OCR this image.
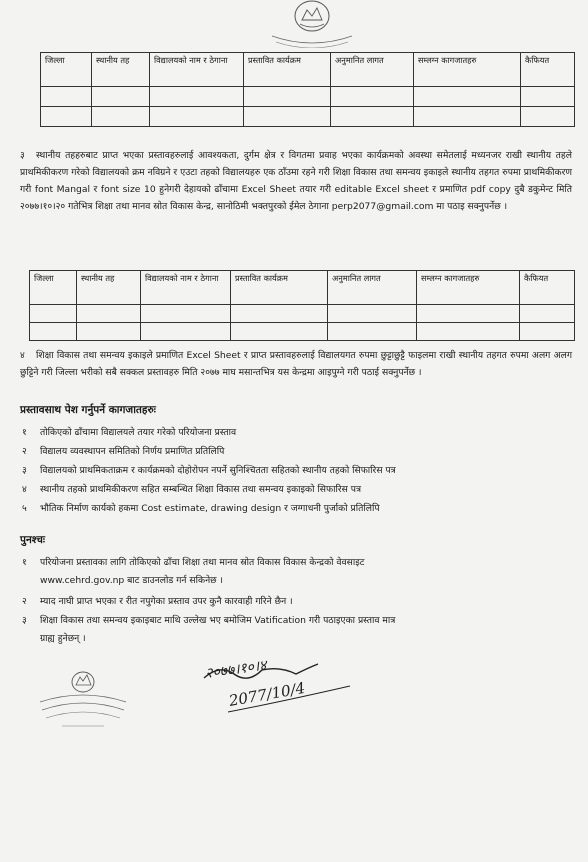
जिल्ला	स्थानीय तह	विद्यालयको नाम र ठेगाना	प्रस्तावित कार्यक्रम	अनुमानित लागत	सम्लग्न कागजातहरु	कैफियत

३ स्थानीय तहहरुबाट प्राप्त भएका प्रस्तावहरुलाई आवश्यकता, दुर्गम क्षेत्र र विगतमा प्रवाह भएका कार्यक्रमको अवस्था समेतलाई मध्यनजर राखी स्थानीय तहले प्राथमिकीकरण गरेको विद्यालयको क्रम नविग्रने र एउटा तहको विद्यालयहरु एक ठाँउमा रहने गरी शिक्षा विकास तथा समन्वय इकाइले स्थानीय तहगत रुपमा प्राथमिकीकरण गरी font Mangal र font size 10 हुनेगरी देहायको ढाँचामा Excel Sheet तयार गरी editable Excel sheet र प्रमाणित pdf copy दुबै डकुमेन्ट मिति २०७७।१०।२० गतेभित्र शिक्षा तथा मानव स्रोत विकास केन्द्र, सानोठिमी भक्तपुरको ईमेल ठेगाना perp2077@gmail.com मा पठाइ सक्नुपर्नेछ ।
जिल्ला	स्थानीय तह	विद्यालयको नाम र ठेगाना	प्रस्तावित कार्यक्रम	अनुमानित लागत	सम्लग्न कागजातहरु	कैफियत

४ शिक्षा विकास तथा समन्वय इकाइले प्रमाणित Excel Sheet र प्राप्त प्रस्तावहरुलाई विद्यालयगत रुपमा छुट्टाछुट्टै फाइलमा राखी स्थानीय तहगत रुपमा अलग अलग छुट्टिने गरी जिल्ला भरीको सबै सक्कल प्रस्तावहरु मिति २०७७ माघ मसान्तभित्र यस केन्द्रमा आइपुग्ने गरी पठाई सक्नुपर्नेछ ।
प्रस्तावसाथ पेश गर्नुपर्ने कागजातहरुः
१ तोकिएको ढाँचामा विद्यालयले तयार गरेको परियोजना प्रस्ताव
२ विद्यालय व्यवस्थापन समितिको निर्णय प्रमाणित प्रतिलिपि
३ विद्यालयको प्राथमिकताक्रम र कार्यक्रमको दोहोरोपन नपर्ने सुनिश्चितता सहितको स्थानीय तहको सिफारिस पत्र
४ स्थानीय तहको प्राथमिकीकरण सहित सम्बन्धित शिक्षा विकास तथा समन्वय इकाइको सिफारिस पत्र
५ भौतिक निर्माण कार्यको हकमा Cost estimate, drawing design र जग्गाधनी पुर्जाको प्रतिलिपि
पुनश्चः
१ परियोजना प्रस्तावका लागि तोकिएको ढाँचा शिक्षा तथा मानव स्रोत विकास विकास केन्द्रको वेवसाइट
www.cehrd.gov.np बाट डाउनलोड गर्न सकिनेछ ।
२ म्याद नाघी प्राप्त भएका र रीत नपुगेका प्रस्ताव उपर कुनै कारवाही गरिने छैन ।
३ शिक्षा विकास तथा समन्वय इकाइबाट माथि उल्लेख भए बमोजिम Vatification गरी पठाइएका प्रस्ताव मात्र
ग्राह्य हुनेछन् ।
२०७७।१०।४
2077/10/4
